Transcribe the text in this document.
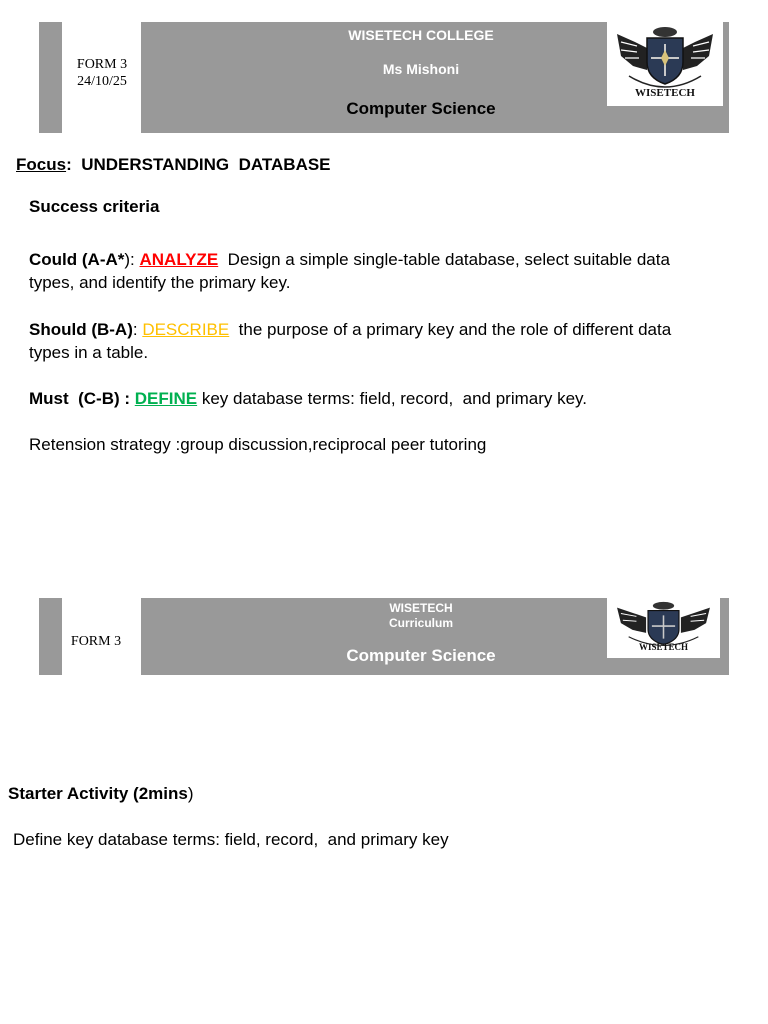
FORM 3
24/10/25
WISETECH COLLEGE
Ms Mishoni
Computer Science
WISETECH
Focus: UNDERSTANDING  DATABASE
Success criteria
Could (A-A*): ANALYZE  Design a simple single-table database, select suitable data types, and identify the primary key.
Should (B-A): DESCRIBE  the purpose of a primary key and the role of different data types in a table.
Must  (C-B) : DEFINE key database terms: field, record,  and primary key.
Retension strategy :group discussion,reciprocal peer tutoring
FORM 3
WISETECH
Curriculum
Computer Science	WISETECH
Starter Activity (2mins)
Define key database terms: field, record,  and primary key
